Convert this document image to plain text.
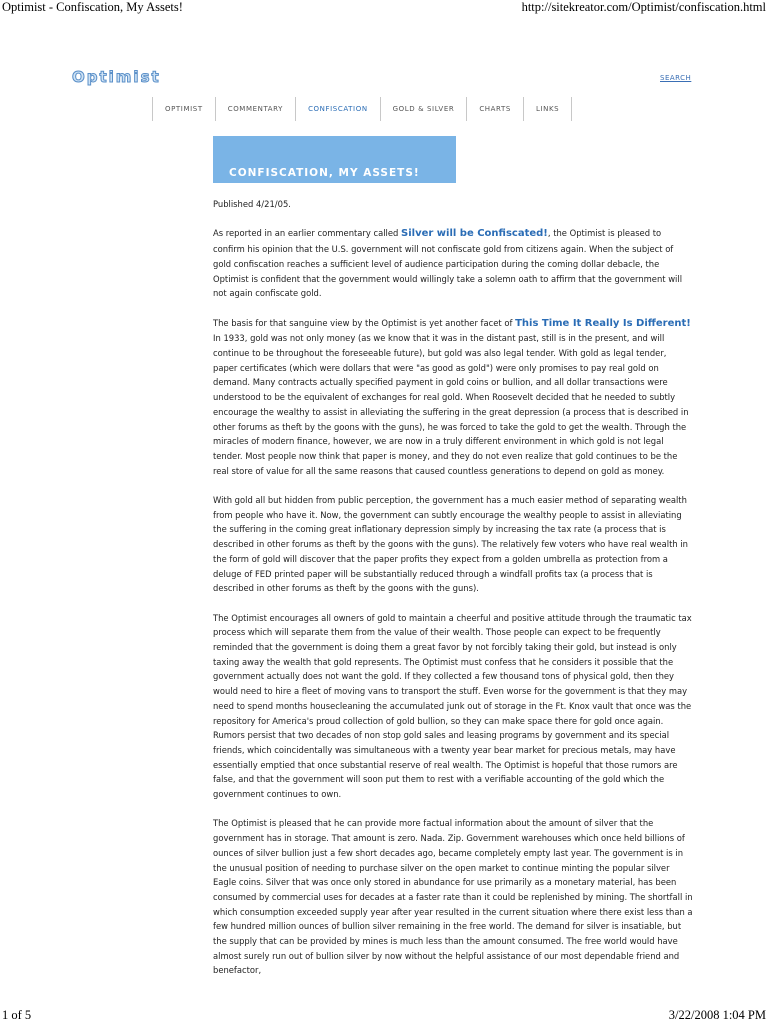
Optimist - Confiscation, My Assets!	http://sitekreator.com/Optimist/confiscation.html
Optimist	SEARCH
OPTIMIST	COMMENTARY	CONFISCATION	GOLD & SILVER	CHARTS	LINKS
CONFISCATION, MY ASSETS!

Published 4/21/05.

As reported in an earlier commentary called Silver will be Confiscated!, the Optimist is pleased to confirm his opinion that the U.S. government will not confiscate gold from citizens again. When the subject of gold confiscation reaches a sufficient level of audience participation during the coming dollar debacle, the Optimist is confident that the government would willingly take a solemn oath to affirm that the government will not again confiscate gold.

The basis for that sanguine view by the Optimist is yet another facet of This Time It Really Is Different! In 1933, gold was not only money (as we know that it was in the distant past, still is in the present, and will continue to be throughout the foreseeable future), but gold was also legal tender. With gold as legal tender, paper certificates (which were dollars that were "as good as gold") were only promises to pay real gold on demand. Many contracts actually specified payment in gold coins or bullion, and all dollar transactions were understood to be the equivalent of exchanges for real gold. When Roosevelt decided that he needed to subtly encourage the wealthy to assist in alleviating the suffering in the great depression (a process that is described in other forums as theft by the goons with the guns), he was forced to take the gold to get the wealth. Through the miracles of modern finance, however, we are now in a truly different environment in which gold is not legal tender. Most people now think that paper is money, and they do not even realize that gold continues to be the real store of value for all the same reasons that caused countless generations to depend on gold as money.

With gold all but hidden from public perception, the government has a much easier method of separating wealth from people who have it. Now, the government can subtly encourage the wealthy people to assist in alleviating the suffering in the coming great inflationary depression simply by increasing the tax rate (a process that is described in other forums as theft by the goons with the guns). The relatively few voters who have real wealth in the form of gold will discover that the paper profits they expect from a golden umbrella as protection from a deluge of FED printed paper will be substantially reduced through a windfall profits tax (a process that is described in other forums as theft by the goons with the guns).

The Optimist encourages all owners of gold to maintain a cheerful and positive attitude through the traumatic tax process which will separate them from the value of their wealth. Those people can expect to be frequently reminded that the government is doing them a great favor by not forcibly taking their gold, but instead is only taxing away the wealth that gold represents. The Optimist must confess that he considers it possible that the government actually does not want the gold. If they collected a few thousand tons of physical gold, then they would need to hire a fleet of moving vans to transport the stuff. Even worse for the government is that they may need to spend months housecleaning the accumulated junk out of storage in the Ft. Knox vault that once was the repository for America's proud collection of gold bullion, so they can make space there for gold once again. Rumors persist that two decades of non stop gold sales and leasing programs by government and its special friends, which coincidentally was simultaneous with a twenty year bear market for precious metals, may have essentially emptied that once substantial reserve of real wealth. The Optimist is hopeful that those rumors are false, and that the government will soon put them to rest with a verifiable accounting of the gold which the government continues to own.

The Optimist is pleased that he can provide more factual information about the amount of silver that the government has in storage. That amount is zero. Nada. Zip. Government warehouses which once held billions of ounces of silver bullion just a few short decades ago, became completely empty last year. The government is in the unusual position of needing to purchase silver on the open market to continue minting the popular silver Eagle coins. Silver that was once only stored in abundance for use primarily as a monetary material, has been consumed by commercial uses for decades at a faster rate than it could be replenished by mining. The shortfall in which consumption exceeded supply year after year resulted in the current situation where there exist less than a few hundred million ounces of bullion silver remaining in the free world. The demand for silver is insatiable, but the supply that can be provided by mines is much less than the amount consumed. The free world would have almost surely run out of bullion silver by now without the helpful assistance of our most dependable friend and benefactor,

1 of 5	3/22/2008 1:04 PM
